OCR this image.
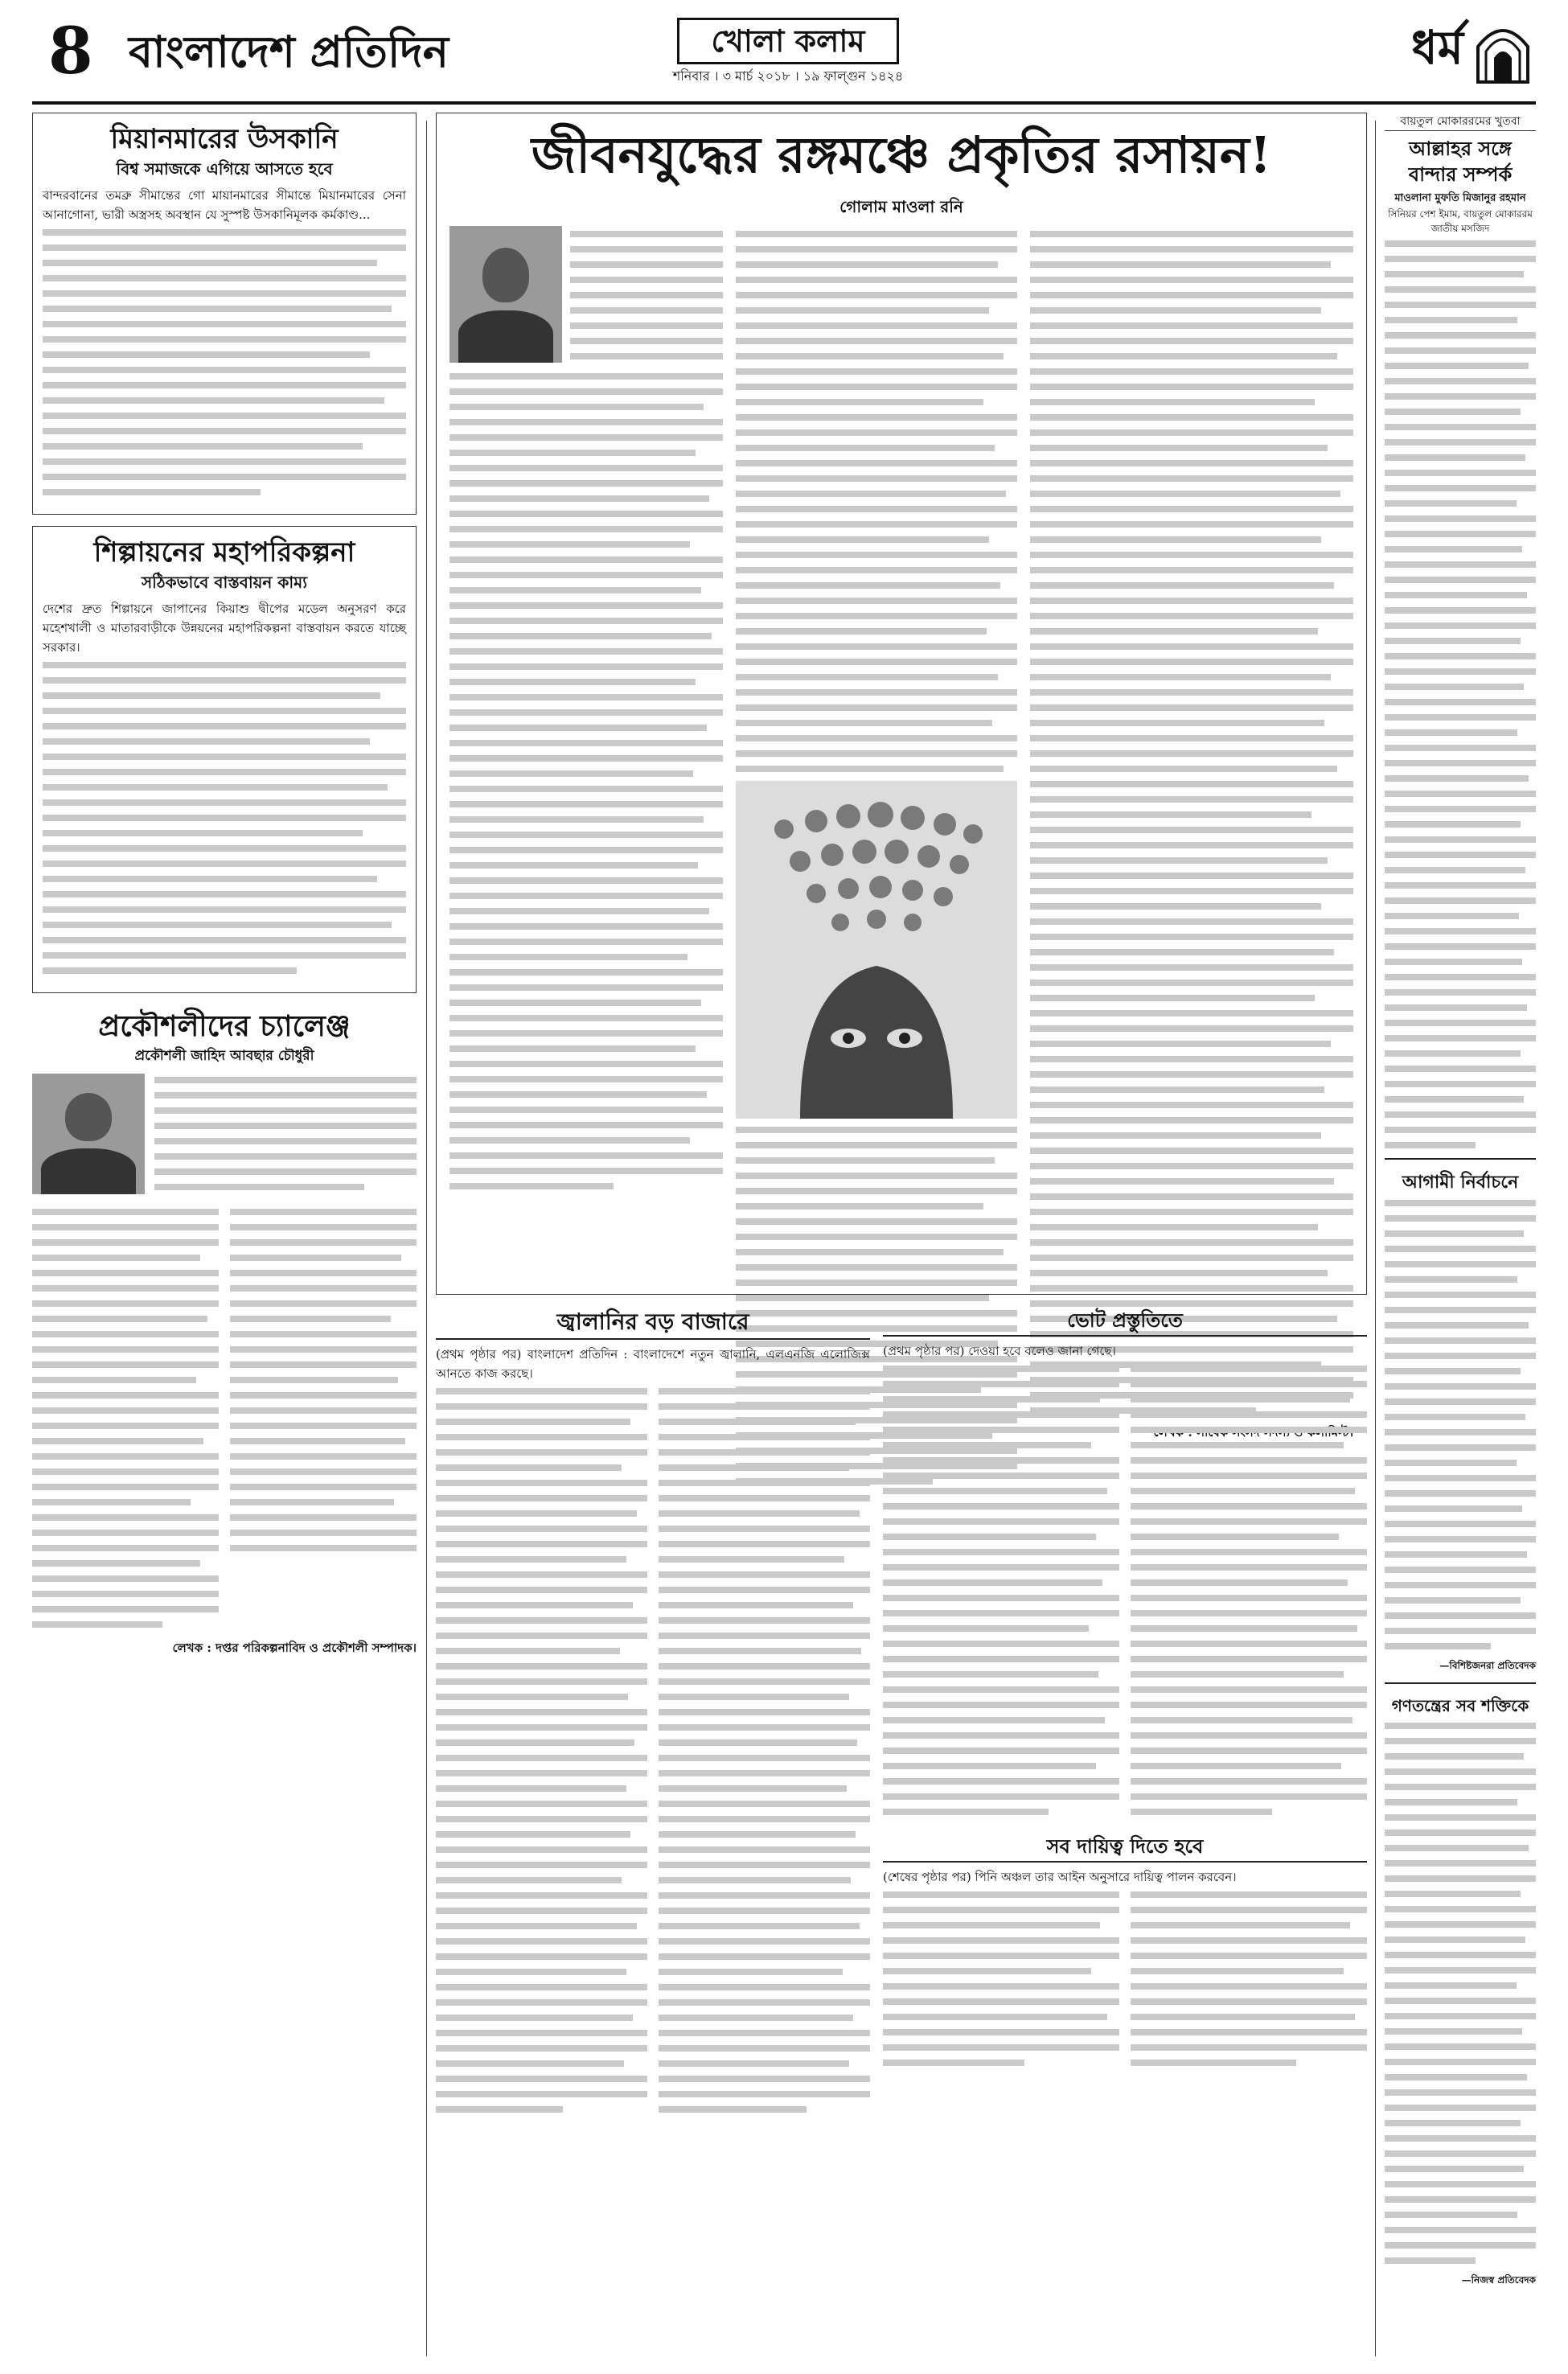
8 বাংলাদেশ প্রতিদিন	খোলা কলাম
শনিবার । ৩ মার্চ ২০১৮ । ১৯ ফাল্গুন ১৪২৪
ধর্ম
মিয়ানমারের উসকানি
বিশ্ব সমাজকে এগিয়ে আসতে হবে

বান্দরবানের তমব্রু সীমান্তের গো মায়ানমারের সীমান্তে মিয়ানমারের সেনা আনাগোনা, ভারী অস্ত্রসহ অবস্থান যে সুস্পষ্ট উসকানিমূলক কর্মকাণ্ড...

শিল্পায়নের মহাপরিকল্পনা
সঠিকভাবে বাস্তবায়ন কাম্য

দেশের দ্রুত শিল্পায়নে জাপানের কিয়াশু দ্বীপের মডেল অনুসরণ করে মহেশখালী ও মাতারবাড়ীকে উন্নয়নের মহাপরিকল্পনা বাস্তবায়ন করতে যাচ্ছে সরকার।

প্রকৌশলীদের চ্যালেঞ্জ
প্রকৌশলী জাহিদ আবছার চৌধুরী

লেখক : দপ্তর পরিকল্পনাবিদ ও প্রকৌশলী সম্পাদক।

জীবনযুদ্ধের রঙ্গমঞ্চে প্রকৃতির রসায়ন!
গোলাম মাওলা রনি

জ্বালানির বড় বাজারে

(প্রথম পৃষ্ঠার পর) বাংলাদেশ প্রতিদিন : বাংলাদেশে নতুন জ্বালানি, এলএনজি এলোজিক্স আনতে কাজ করছে।

ভোট প্রস্তুতিতে

(প্রথম পৃষ্ঠার পর) দেওয়া হবে বলেও জানা গেছে।

সব দায়িত্ব দিতে হবে

(শেষের পৃষ্ঠার পর) পিনি অঞ্চল তার আইন অনুসারে দায়িত্ব পালন করবেন।

বায়তুল মোকাররমের খুতবা
আল্লাহর সঙ্গে
বান্দার সম্পর্ক
মাওলানা মুফতি মিজানুর রহমান
সিনিয়র পেশ ইমাম, বায়তুল মোকাররম জাতীয় মসজিদ
আগামী নির্বাচনে
—বিশিষ্টজনরা প্রতিবেদক
গণতন্ত্রের সব শক্তিকে
—নিজস্ব প্রতিবেদক
